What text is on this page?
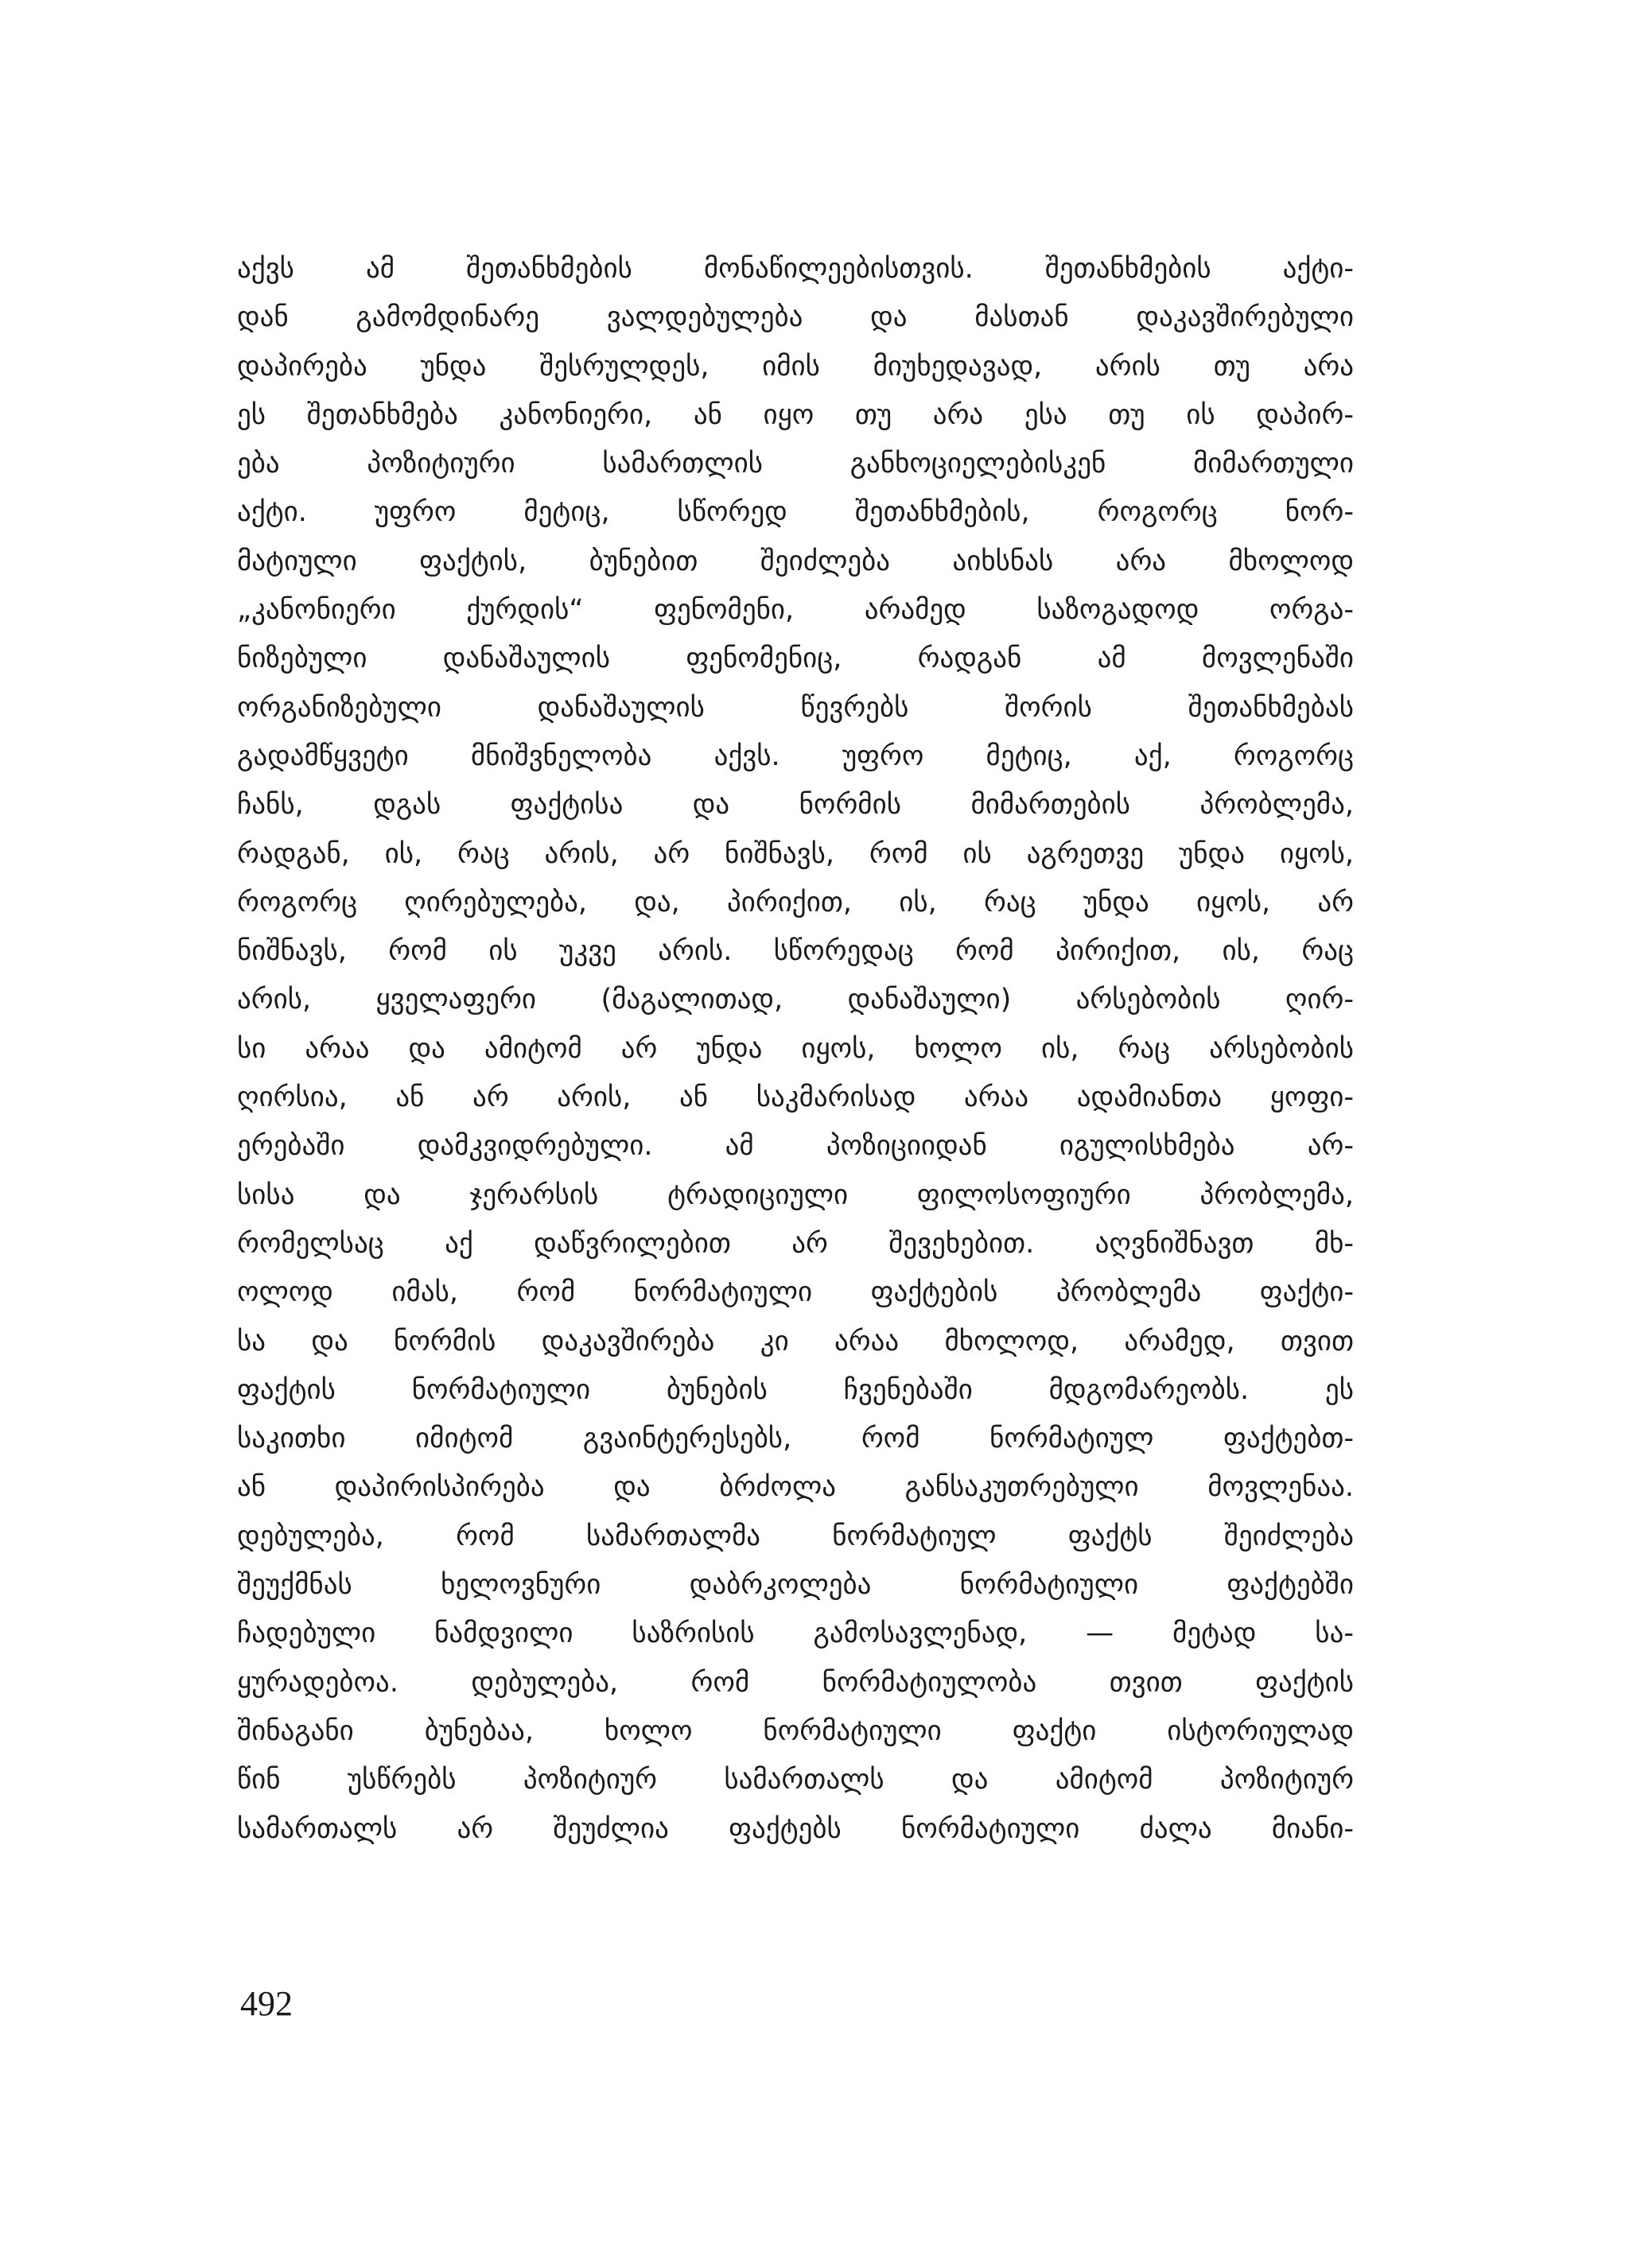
აქვს ამ შეთანხმების მონაწილეებისთვის. შეთანხმების აქტი-
დან გამომდინარე ვალდებულება და მასთან დაკავშირებული
დაპირება უნდა შესრულდეს, იმის მიუხედავად, არის თუ არა
ეს შეთანხმება კანონიერი, ან იყო თუ არა ესა თუ ის დაპირ-
ება პოზიტიური სამართლის განხოციელებისკენ მიმართული
აქტი. უფრო მეტიც, სწორედ შეთანხმების, როგორც ნორ-
მატიული ფაქტის, ბუნებით შეიძლება აიხსნას არა მხოლოდ
„კანონიერი ქურდის“ ფენომენი, არამედ საზოგადოდ ორგა-
ნიზებული დანაშაულის ფენომენიც, რადგან ამ მოვლენაში
ორგანიზებული დანაშაულის წევრებს შორის შეთანხმებას
გადამწყვეტი მნიშვნელობა აქვს. უფრო მეტიც, აქ, როგორც
ჩანს, დგას ფაქტისა და ნორმის მიმართების პრობლემა,
რადგან, ის, რაც არის, არ ნიშნავს, რომ ის აგრეთვე უნდა იყოს,
როგორც ღირებულება, და, პირიქით, ის, რაც უნდა იყოს, არ
ნიშნავს, რომ ის უკვე არის. სწორედაც რომ პირიქით, ის, რაც
არის, ყველაფერი (მაგალითად, დანაშაული) არსებობის ღირ-
სი არაა და ამიტომ არ უნდა იყოს, ხოლო ის, რაც არსებობის
ღირსია, ან არ არის, ან საკმარისად არაა ადამიანთა ყოფი-
ერებაში დამკვიდრებული. ამ პოზიციიდან იგულისხმება არ-
სისა და ჯერარსის ტრადიციული ფილოსოფიური პრობლემა,
რომელსაც აქ დაწვრილებით არ შევეხებით. აღვნიშნავთ მხ-
ოლოდ იმას, რომ ნორმატიული ფაქტების პრობლემა ფაქტი-
სა და ნორმის დაკავშირება კი არაა მხოლოდ, არამედ, თვით
ფაქტის ნორმატიული ბუნების ჩვენებაში მდგომარეობს. ეს
საკითხი იმიტომ გვაინტერესებს, რომ ნორმატიულ ფაქტებთ-
ან დაპირისპირება და ბრძოლა განსაკუთრებული მოვლენაა.
დებულება, რომ სამართალმა ნორმატიულ ფაქტს შეიძლება
შეუქმნას ხელოვნური დაბრკოლება ნორმატიული ფაქტებში
ჩადებული ნამდვილი საზრისის გამოსავლენად, — მეტად სა-
ყურადებოა. დებულება, რომ ნორმატიულობა თვით ფაქტის
შინაგანი ბუნებაა, ხოლო ნორმატიული ფაქტი ისტორიულად
წინ უსწრებს პოზიტიურ სამართალს და ამიტომ პოზიტიურ
სამართალს არ შეუძლია ფაქტებს ნორმატიული ძალა მიანი-
492
